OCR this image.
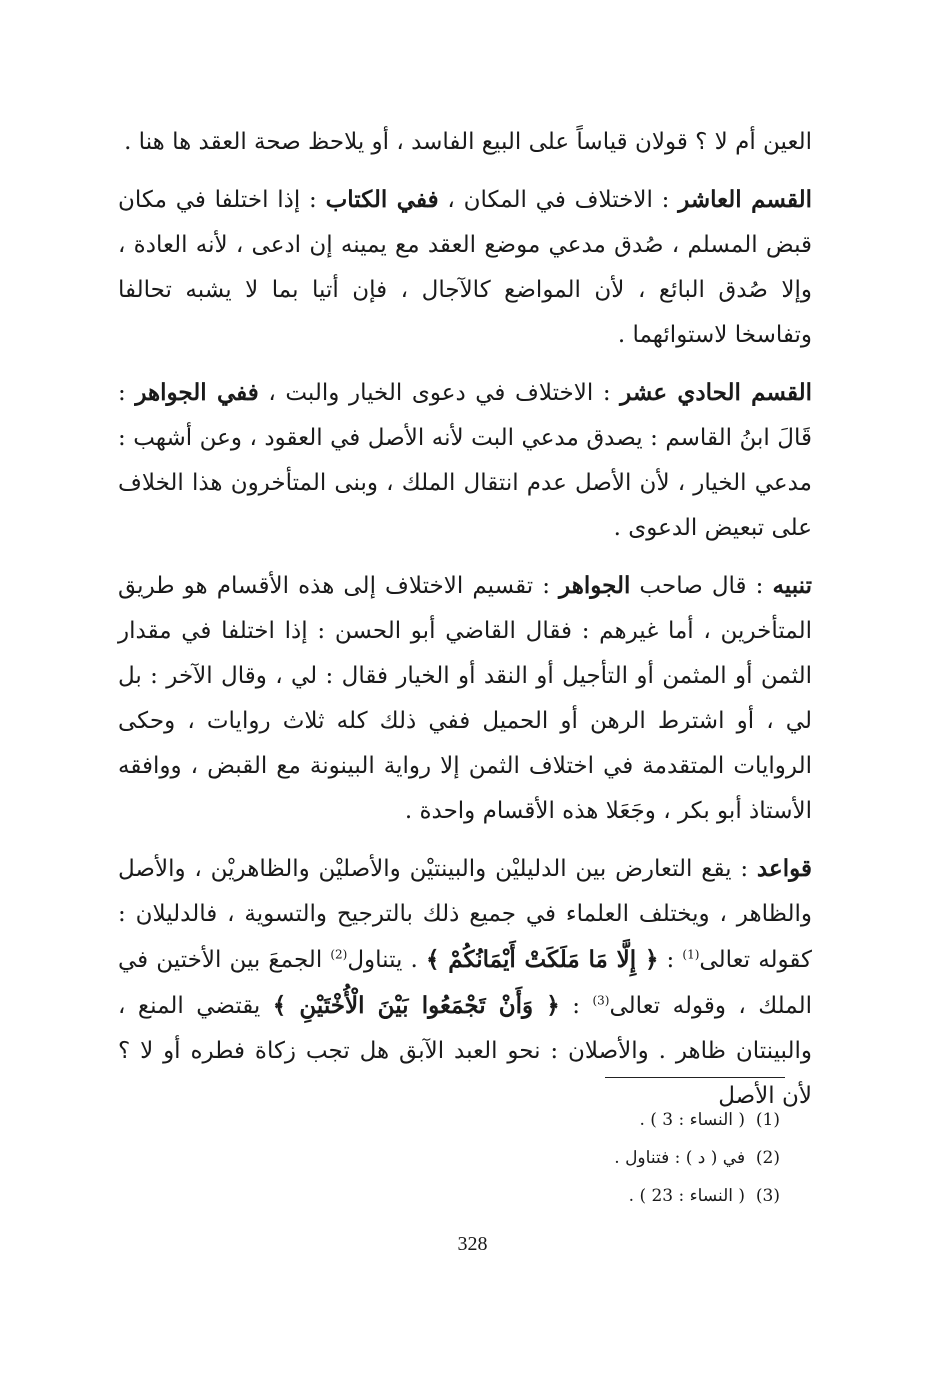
العين أم لا ؟ قولان قياساً على البيع الفاسد ، أو يلاحظ صحة العقد ها هنا .

القسم العاشر : الاختلاف في المكان ، ففي الكتاب : إذا اختلفا في مكان قبض المسلم ، صُدق مدعي موضع العقد مع يمينه إن ادعى ، لأنه العادة ، وإلا صُدق البائع ، لأن المواضع كالآجال ، فإن أتيا بما لا يشبه تحالفا وتفاسخا لاستوائهما .

القسم الحادي عشر : الاختلاف في دعوى الخيار والبت ، ففي الجواهر : قَالَ ابنُ القاسم : يصدق مدعي البت لأنه الأصل في العقود ، وعن أشهب : مدعي الخيار ، لأن الأصل عدم انتقال الملك ، وبنى المتأخرون هذا الخلاف على تبعيض الدعوى .

تنبيه : قال صاحب الجواهر : تقسيم الاختلاف إلى هذه الأقسام هو طريق المتأخرين ، أما غيرهم : فقال القاضي أبو الحسن : إذا اختلفا في مقدار الثمن أو المثمن أو التأجيل أو النقد أو الخيار فقال : لي ، وقال الآخر : بل لي ، أو اشترط الرهن أو الحميل ففي ذلك كله ثلاث روايات ، وحكى الروايات المتقدمة في اختلاف الثمن إلا رواية البينونة مع القبض ، ووافقه الأستاذ أبو بكر ، وجَعَلا هذه الأقسام واحدة .

قواعد : يقع التعارض بين الدليليْن والبينتيْن والأصليْن والظاهريْن ، والأصل والظاهر ، ويختلف العلماء في جميع ذلك بالترجيح والتسوية ، فالدليلان : كقوله تعالى$^{(1)}$ : ﴿ إِلَّا مَا مَلَكَتْ أَيْمَانُكُمْ ﴾ . يتناول$^{(2)}$ الجمعَ بين الأختين في الملك ، وقوله تعالى$^{(3)}$ : ﴿ وَأَنْ تَجْمَعُوا بَيْنَ الْأُخْتَيْنِ ﴾ يقتضي المنع ، والبينتان ظاهر . والأصلان : نحو العبد الآبق هل تجب زكاة فطره أو لا ؟ لأن الأصل

(1)  ( النساء : 3 ) .

(2)  في ( د ) : فتناول .

(3)  ( النساء : 23 ) .

328
